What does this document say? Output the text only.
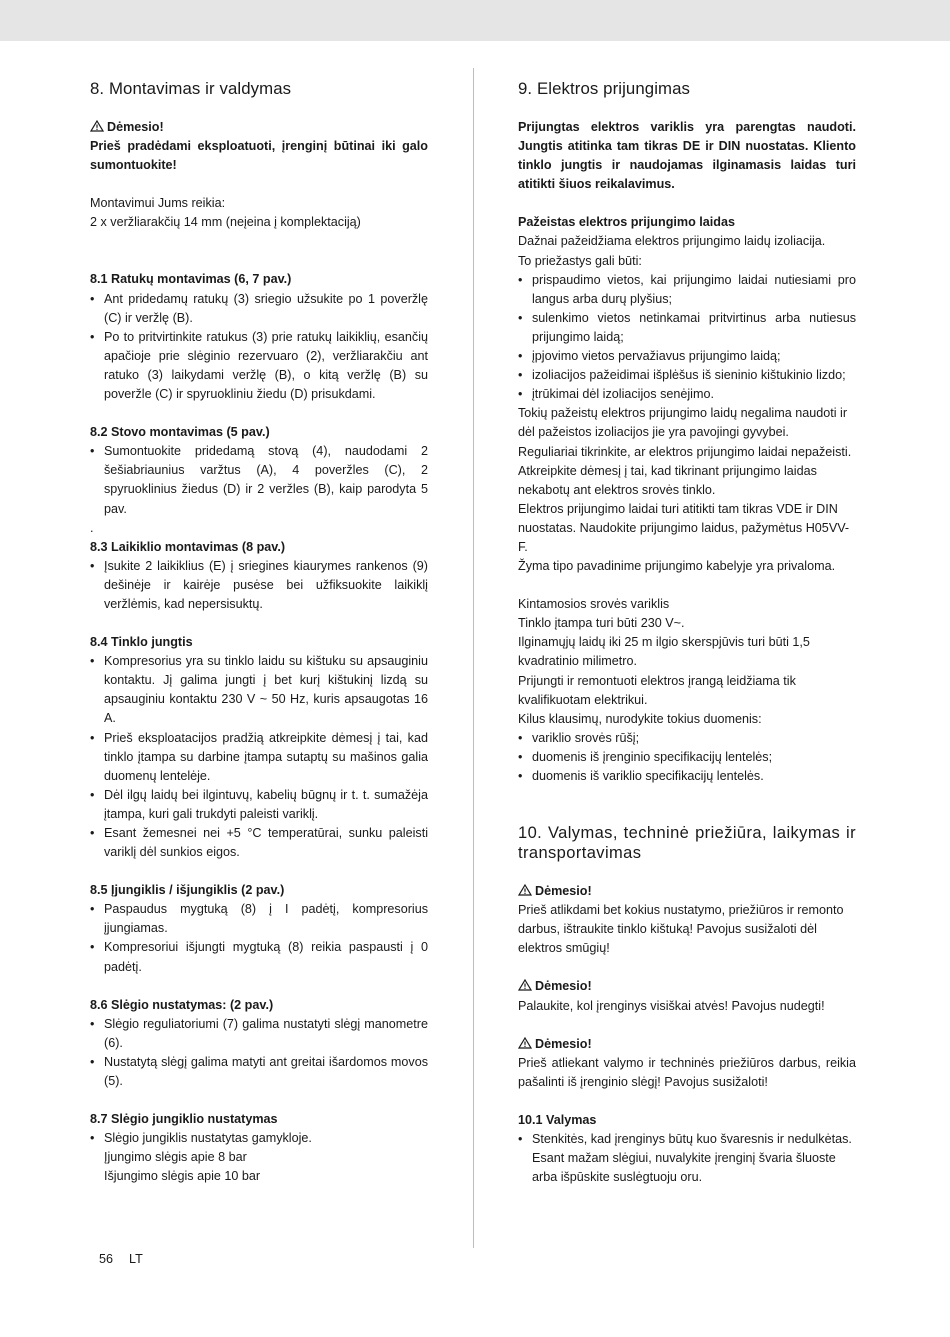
8. Montavimas ir valdymas

Dėmesio!

Prieš pradėdami eksploatuoti, įrenginį būtinai iki galo sumontuokite!

Montavimui Jums reikia:

2 x veržliarakčių 14 mm (neįeina į komplektaciją)

8.1 Ratukų montavimas (6, 7 pav.)

• Ant pridedamų ratukų (3) sriegio užsukite po 1 poveržlę (C) ir veržlę (B).
• Po to pritvirtinkite ratukus (3) prie ratukų laikiklių, esančių apačioje prie slėginio rezervuaro (2), veržliarakčiu ant ratuko (3) laikydami veržlę (B), o kitą veržlę (B) su poveržle (C) ir spyruokliniu žiedu (D) prisukdami.

8.2 Stovo montavimas (5 pav.)

• Sumontuokite pridedamą stovą (4), naudodami 2 šešiabriaunius varžtus (A), 4 poveržles (C), 2 spyruoklinius žiedus (D) ir 2 veržles (B), kaip parodyta 5 pav.

.

8.3 Laikiklio montavimas (8 pav.)

• Įsukite 2 laikiklius (E) į sriegines kiaurymes rankenos (9) dešinėje ir kairėje pusėse bei užfiksuokite laikiklį veržlėmis, kad nepersisuktų.

8.4 Tinklo jungtis

• Kompresorius yra su tinklo laidu su kištuku su apsauginiu kontaktu. Jį galima jungti į bet kurį kištukinį lizdą su apsauginiu kontaktu 230 V ~ 50 Hz, kuris apsaugotas 16 A.
• Prieš eksploatacijos pradžią atkreipkite dėmesį į tai, kad tinklo įtampa su darbine įtampa sutaptų su mašinos galia duomenų lentelėje.
• Dėl ilgų laidų bei ilgintuvų, kabelių būgnų ir t. t. sumažėja įtampa, kuri gali trukdyti paleisti variklį.
• Esant žemesnei nei +5 °C temperatūrai, sunku paleisti variklį dėl sunkios eigos.

8.5 Įjungiklis / išjungiklis (2 pav.)

• Paspaudus mygtuką (8) į I padėtį, kompresorius įjungiamas.
• Kompresoriui išjungti mygtuką (8) reikia paspausti į 0 padėtį.

8.6 Slėgio nustatymas: (2 pav.)

• Slėgio reguliatoriumi (7) galima nustatyti slėgį manometre (6).
• Nustatytą slėgį galima matyti ant greitai išardomos movos (5).

8.7 Slėgio jungiklio nustatymas

• Slėgio jungiklis nustatytas gamykloje.
Įjungimo slėgis apie 8 bar
Išjungimo slėgis apie 10 bar
9. Elektros prijungimas

Prijungtas elektros variklis yra parengtas naudoti. Jungtis atitinka tam tikras DE ir DIN nuostatas. Kliento tinklo jungtis ir naudojamas ilginamasis laidas turi atitikti šiuos reikalavimus.

Pažeistas elektros prijungimo laidas

Dažnai pažeidžiama elektros prijungimo laidų izoliacija.

To priežastys gali būti:

• prispaudimo vietos, kai prijungimo laidai nutiesiami pro langus arba durų plyšius;
• sulenkimo vietos netinkamai pritvirtinus arba nutiesus prijungimo laidą;
• įpjovimo vietos pervažiavus prijungimo laidą;
• izoliacijos pažeidimai išplėšus iš sieninio kištukinio lizdo;
• įtrūkimai dėl izoliacijos senėjimo.

Tokių pažeistų elektros prijungimo laidų negalima naudoti ir dėl pažeistos izoliacijos jie yra pavojingi gyvybei.

Reguliariai tikrinkite, ar elektros prijungimo laidai nepažeisti. Atkreipkite dėmesį į tai, kad tikrinant prijungimo laidas nekabotų ant elektros srovės tinklo.

Elektros prijungimo laidai turi atitikti tam tikras VDE ir DIN nuostatas. Naudokite prijungimo laidus, pažymėtus H05VV-F.

Žyma tipo pavadinime prijungimo kabelyje yra privaloma.

Kintamosios srovės variklis

Tinklo įtampa turi būti 230 V~.

Ilginamųjų laidų iki 25 m ilgio skerspjūvis turi būti 1,5 kvadratinio milimetro.

Prijungti ir remontuoti elektros įrangą leidžiama tik kvalifikuotam elektrikui.

Kilus klausimų, nurodykite tokius duomenis:

• variklio srovės rūšį;
• duomenis iš įrenginio specifikacijų lentelės;
• duomenis iš variklio specifikacijų lentelės.
10. Valymas, techninė priežiūra, laikymas ir transportavimas

Dėmesio!

Prieš atlikdami bet kokius nustatymo, priežiūros ir remonto darbus, ištraukite tinklo kištuką! Pavojus susižaloti dėl elektros smūgių!

Dėmesio!

Palaukite, kol įrenginys visiškai atvės! Pavojus nudegti!

Dėmesio!

Prieš atliekant valymo ir techninės priežiūros darbus, reikia pašalinti iš įrenginio slėgį! Pavojus susižaloti!

10.1 Valymas

• Stenkitės, kad įrenginys būtų kuo švaresnis ir nedulkėtas. Esant mažam slėgiui, nuvalykite įrenginį švaria šluoste arba išpūskite suslėgtuoju oru.
56 LT
